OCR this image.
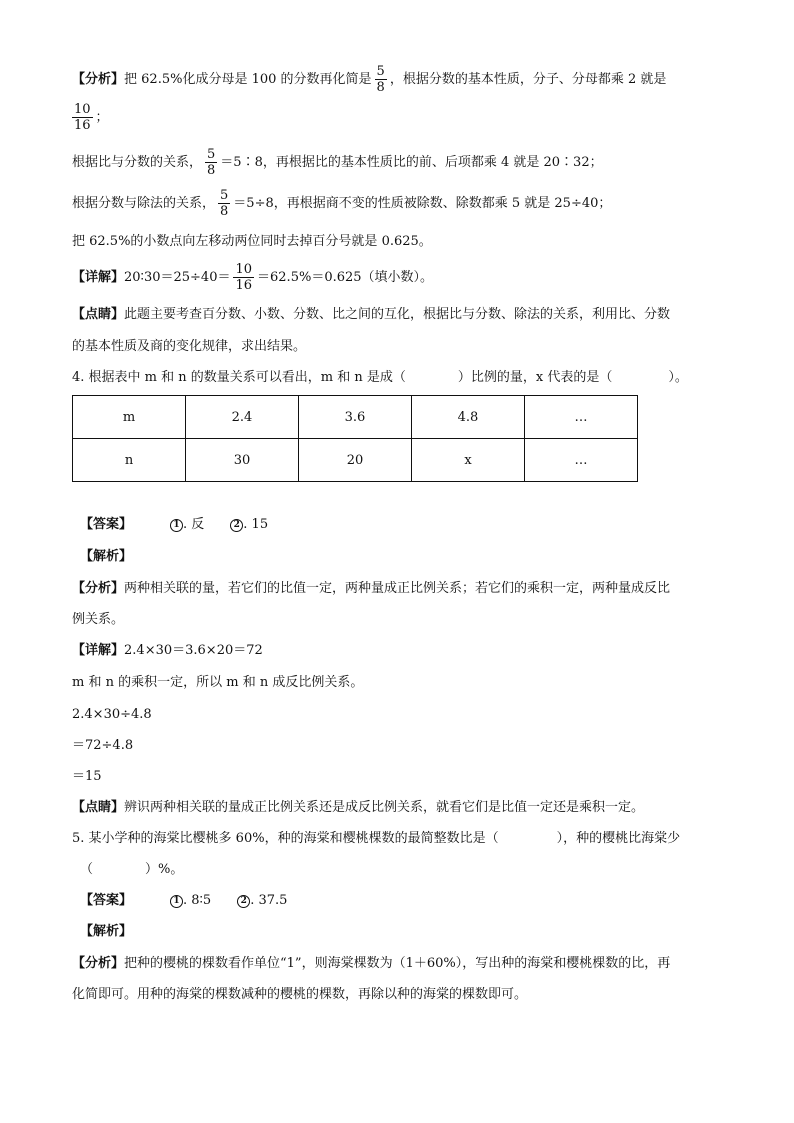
【分析】把 62.5%化成分母是 100 的分数再化简是 $\frac{5}{8}$ ，根据分数的基本性质，分子、分母都乘 2 就是
$\frac{10}{16}$ ；
根据比与分数的关系， $\frac{5}{8}$ ＝5∶8，再根据比的基本性质比的前、后项都乘 4 就是 20∶32；
根据分数与除法的关系， $\frac{5}{8} =5\div 8$，再根据商不变的性质被除数、除数都乘 5 就是 25÷40；
把 62.5%的小数点向左移动两位同时去掉百分号就是 0.625。
【详解】20∶30＝25÷40＝ $\frac{10}{16} =62.5\%=0.625$（填小数）。
【点睛】此题主要考查百分数、小数、分数、比之间的互化，根据比与分数、除法的关系，利用比、分数
的基本性质及商的变化规律，求出结果。
4. 根据表中 m 和 n 的数量关系可以看出，m 和 n 是成（	）比例的量，x 代表的是（	）。
m	2.4	3.6	4.8	…
n	30	20	x	…
【答案】	1 . 反	2 . 15
【解析】
【分析】两种相关联的量，若它们的比值一定，两种量成正比例关系；若它们的乘积一定，两种量成反比
例关系。
【详解】2.4×30＝3.6×20＝72
m 和 n 的乘积一定，所以 m 和 n 成反比例关系。
2.4×30÷4.8
＝72÷4.8
＝15
【点睛】辨识两种相关联的量成正比例关系还是成反比例关系，就看它们是比值一定还是乘积一定。
5. 某小学种的海棠比樱桃多 60%，种的海棠和樱桃棵数的最简整数比是（	），种的樱桃比海棠少
（	）%。
【答案】	1 . 8∶5	2 . 37.5
【解析】
【分析】把种的樱桃的棵数看作单位“1”，则海棠棵数为（1＋60%），写出种的海棠和樱桃棵数的比，再
化简即可。用种的海棠的棵数减种的樱桃的棵数，再除以种的海棠的棵数即可。
